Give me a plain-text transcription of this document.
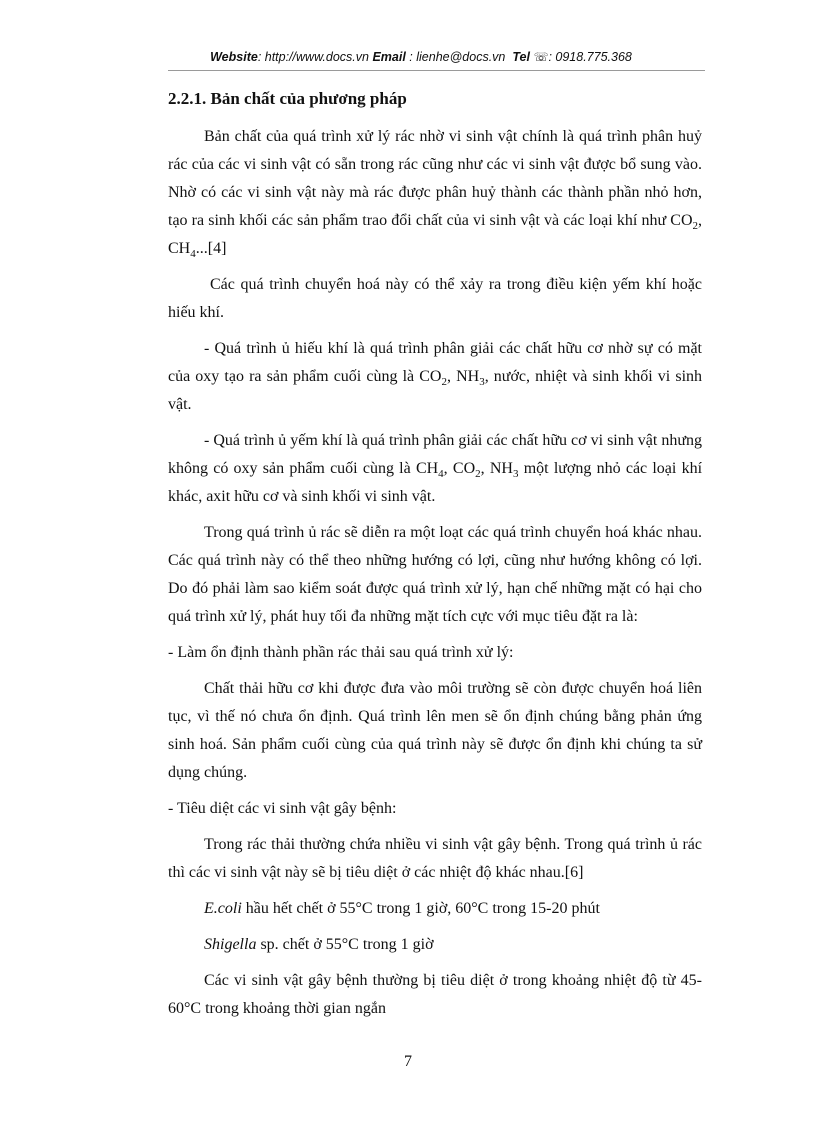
Website: http://www.docs.vn Email : lienhe@docs.vn Tel ☏: 0918.775.368
2.2.1. Bản chất của phương pháp

Bản chất của quá trình xử lý rác nhờ vi sinh vật chính là quá trình phân huỷ rác của các vi sinh vật có sẵn trong rác cũng như các vi sinh vật được bổ sung vào. Nhờ có các vi sinh vật này mà rác được phân huỷ thành các thành phần nhỏ hơn, tạo ra sinh khối các sản phẩm trao đổi chất của vi sinh vật và các loại khí như $CO_2$, $CH_4...[4]$

Các quá trình chuyển hoá này có thể xảy ra trong điều kiện yếm khí hoặc hiếu khí.

- Quá trình ủ hiếu khí là quá trình phân giải các chất hữu cơ nhờ sự có mặt của oxy tạo ra sản phẩm cuối cùng là $CO_2$, $NH_3$, nước, nhiệt và sinh khối vi sinh vật.

- Quá trình ủ yếm khí là quá trình phân giải các chất hữu cơ vi sinh vật nhưng không có oxy sản phẩm cuối cùng là $CH_4$, $CO_2$, $NH_3$ một lượng nhỏ các loại khí khác, axit hữu cơ và sinh khối vi sinh vật.

Trong quá trình ủ rác sẽ diễn ra một loạt các quá trình chuyển hoá khác nhau. Các quá trình này có thể theo những hướng có lợi, cũng như hướng không có lợi. Do đó phải làm sao kiểm soát được quá trình xử lý, hạn chế những mặt có hại cho quá trình xử lý, phát huy tối đa những mặt tích cực với mục tiêu đặt ra là:

- Làm ổn định thành phần rác thải sau quá trình xử lý:

Chất thải hữu cơ khi được đưa vào môi trường sẽ còn được chuyển hoá liên tục, vì thế nó chưa ổn định. Quá trình lên men sẽ ổn định chúng bằng phản ứng sinh hoá. Sản phẩm cuối cùng của quá trình này sẽ được ổn định khi chúng ta sử dụng chúng.

- Tiêu diệt các vi sinh vật gây bệnh:

Trong rác thải thường chứa nhiều vi sinh vật gây bệnh. Trong quá trình ủ rác thì các vi sinh vật này sẽ bị tiêu diệt ở các nhiệt độ khác nhau.[6]

E.coli hầu hết chết ở 55°C trong 1 giờ, 60°C trong 15-20 phút

Shigella sp. chết ở 55°C trong 1 giờ

Các vi sinh vật gây bệnh thường bị tiêu diệt ở trong khoảng nhiệt độ từ 45-60°C trong khoảng thời gian ngắn

7
